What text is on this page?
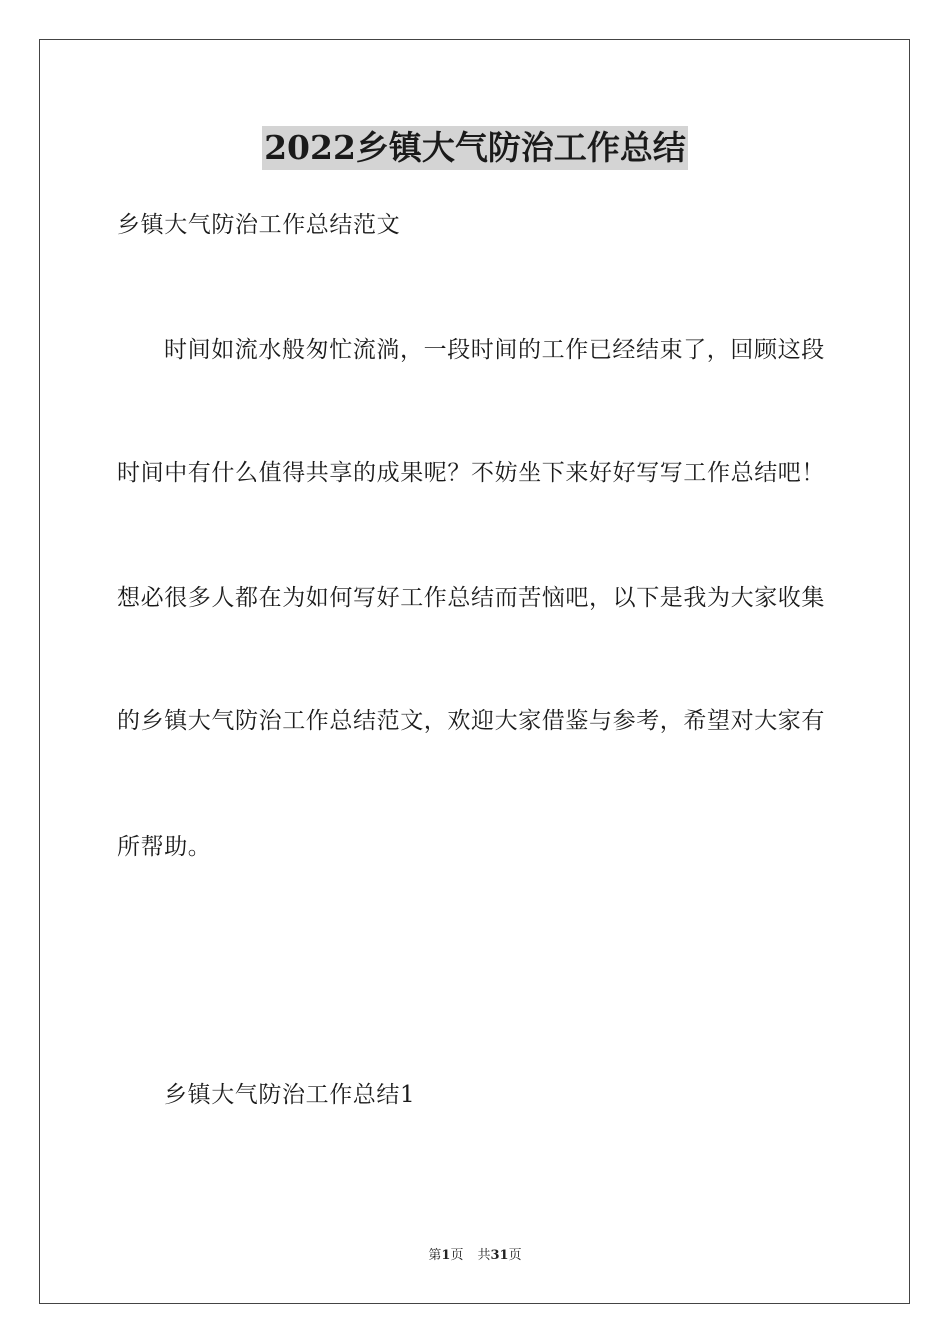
2022乡镇大气防治工作总结
乡镇大气防治工作总结范文
时间如流水般匆忙流淌，一段时间的工作已经结束了，回顾这段
时间中有什么值得共享的成果呢？不妨坐下来好好写写工作总结吧！
想必很多人都在为如何写好工作总结而苦恼吧，以下是我为大家收集
的乡镇大气防治工作总结范文，欢迎大家借鉴与参考，希望对大家有
所帮助。
乡镇大气防治工作总结1
第1页 共31页
